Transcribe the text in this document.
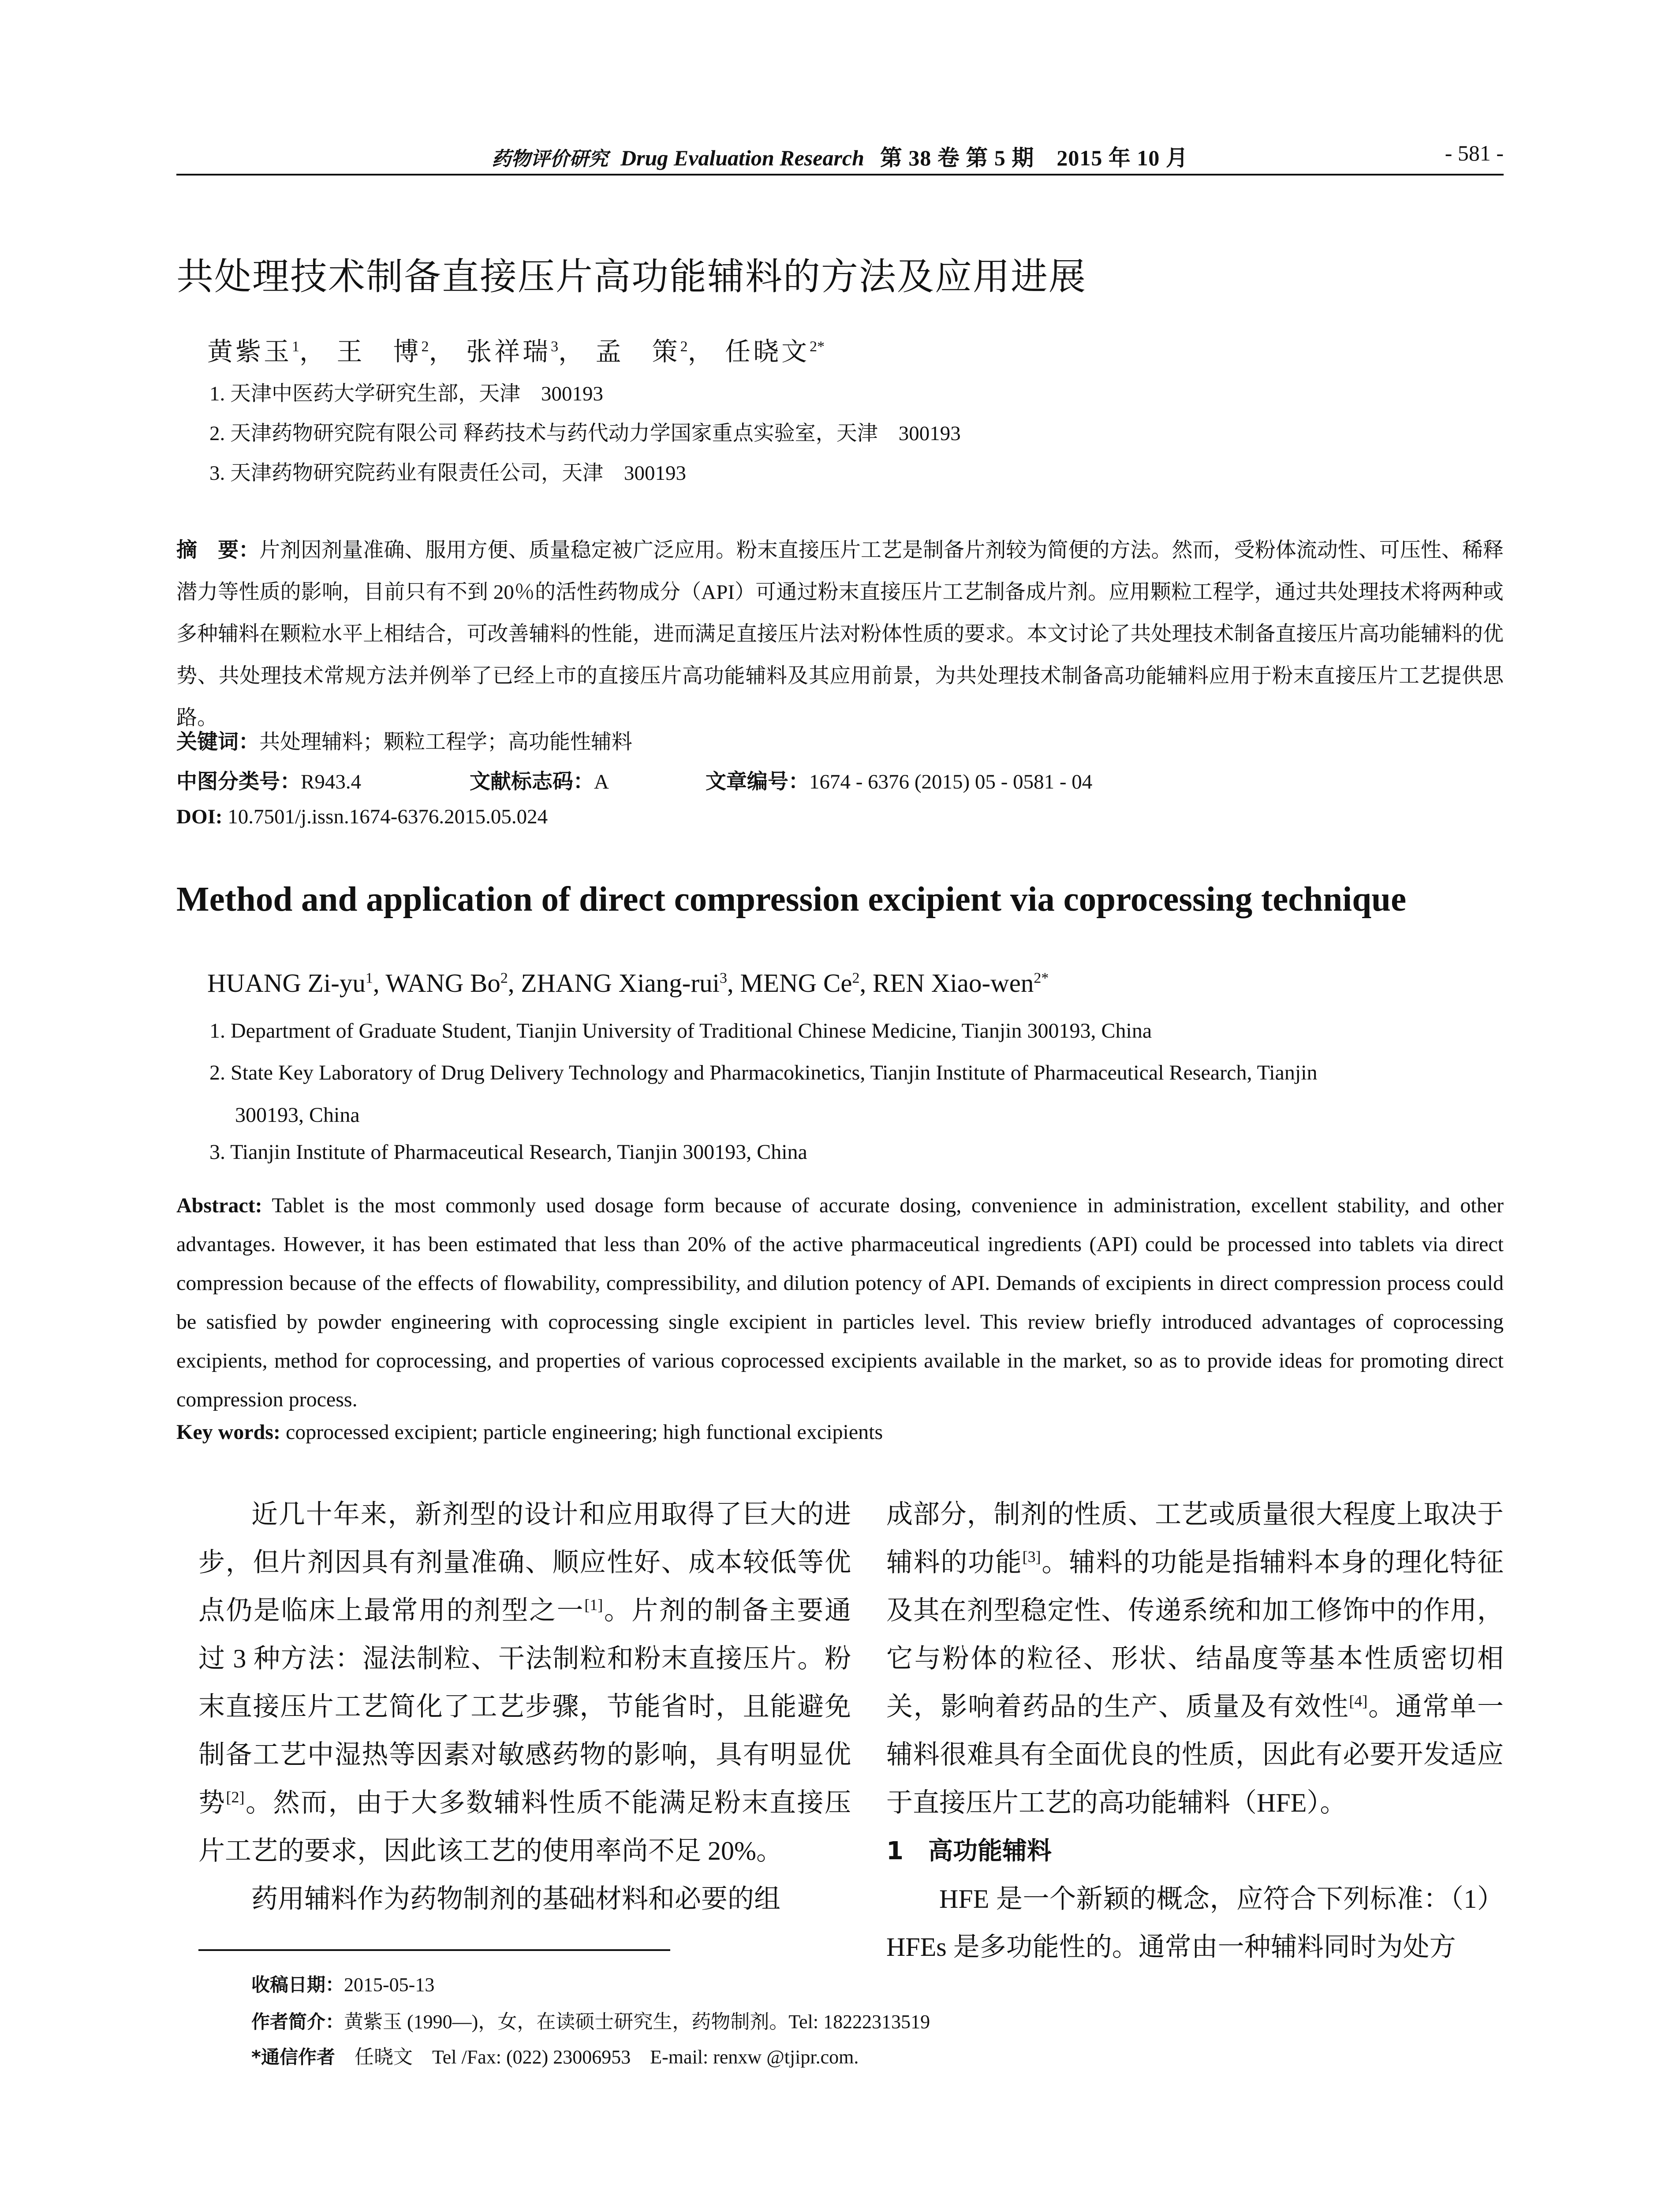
药物评价研究 Drug Evaluation Research 第 38 卷 第 5 期　2015 年 10 月	- 581 -
共处理技术制备直接压片高功能辅料的方法及应用进展
黄紫玉$^1$， 王　博$^2$， 张祥瑞$^3$， 孟　策$^2$， 任晓文$^{2*}$
1. 天津中医药大学研究生部，天津　300193
2. 天津药物研究院有限公司 释药技术与药代动力学国家重点实验室，天津　300193
3. 天津药物研究院药业有限责任公司，天津　300193
摘　要：片剂因剂量准确、服用方便、质量稳定被广泛应用。粉末直接压片工艺是制备片剂较为简便的方法。然而，受粉体流动性、可压性、稀释潜力等性质的影响，目前只有不到 20％的活性药物成分（API）可通过粉末直接压片工艺制备成片剂。应用颗粒工程学，通过共处理技术将两种或多种辅料在颗粒水平上相结合，可改善辅料的性能，进而满足直接压片法对粉体性质的要求。本文讨论了共处理技术制备直接压片高功能辅料的优势、共处理技术常规方法并例举了已经上市的直接压片高功能辅料及其应用前景，为共处理技术制备高功能辅料应用于粉末直接压片工艺提供思路。
关键词：共处理辅料；颗粒工程学；高功能性辅料
中图分类号：R943.4	文献标志码：A	文章编号：1674 - 6376 (2015) 05 - 0581 - 04
DOI: 10.7501/j.issn.1674-6376.2015.05.024
Method and application of direct compression excipient via coprocessing technique
HUANG $Zi-yu^1$, WANG Bo$^2$, ZHANG Xiang-rui$^3$, MENG Ce$^2$, REN Xiao-wen$^{2*}$
1. Department of Graduate Student, Tianjin University of Traditional Chinese Medicine, Tianjin 300193, China
2. State Key Laboratory of Drug Delivery Technology and Pharmacokinetics, Tianjin Institute of Pharmaceutical Research, Tianjin
300193, China
3. Tianjin Institute of Pharmaceutical Research, Tianjin 300193, China
Abstract: Tablet is the most commonly used dosage form because of accurate dosing, convenience in administration, excellent stability, and other advantages. However, it has been estimated that less than 20% of the active pharmaceutical ingredients (API) could be processed into tablets via direct compression because of the effects of flowability, compressibility, and dilution potency of API. Demands of excipients in direct compression process could be satisfied by powder engineering with coprocessing single excipient in particles level. This review briefly introduced advantages of coprocessing excipients, method for coprocessing, and properties of various coprocessed excipients available in the market, so as to provide ideas for promoting direct compression process.
Key words: coprocessed excipient; particle engineering; high functional excipients

近几十年来，新剂型的设计和应用取得了巨大的进步，但片剂因具有剂量准确、顺应性好、成本较低等优点仍是临床上最常用的剂型之一[1]。片剂的制备主要通过 3 种方法：湿法制粒、干法制粒和粉末直接压片。粉末直接压片工艺简化了工艺步骤，节能省时，且能避免制备工艺中湿热等因素对敏感药物的影响，具有明显优势[2]。然而，由于大多数辅料性质不能满足粉末直接压片工艺的要求，因此该工艺的使用率尚不足 20%。

药用辅料作为药物制剂的基础材料和必要的组

成部分，制剂的性质、工艺或质量很大程度上取决于辅料的功能[3]。辅料的功能是指辅料本身的理化特征及其在剂型稳定性、传递系统和加工修饰中的作用，它与粉体的粒径、形状、结晶度等基本性质密切相关，影响着药品的生产、质量及有效性[4]。通常单一辅料很难具有全面优良的性质，因此有必要开发适应于直接压片工艺的高功能辅料（HFE）。

1　高功能辅料

HFE 是一个新颖的概念，应符合下列标准：（1）HFEs 是多功能性的。通常由一种辅料同时为处方

收稿日期：2015-05-13
作者简介：黄紫玉 (1990—)，女，在读硕士研究生，药物制剂。Tel: 18222313519
*通信作者　任晓文　Tel /Fax: (022) 23006953　E-mail: renxw @tjipr.com.
